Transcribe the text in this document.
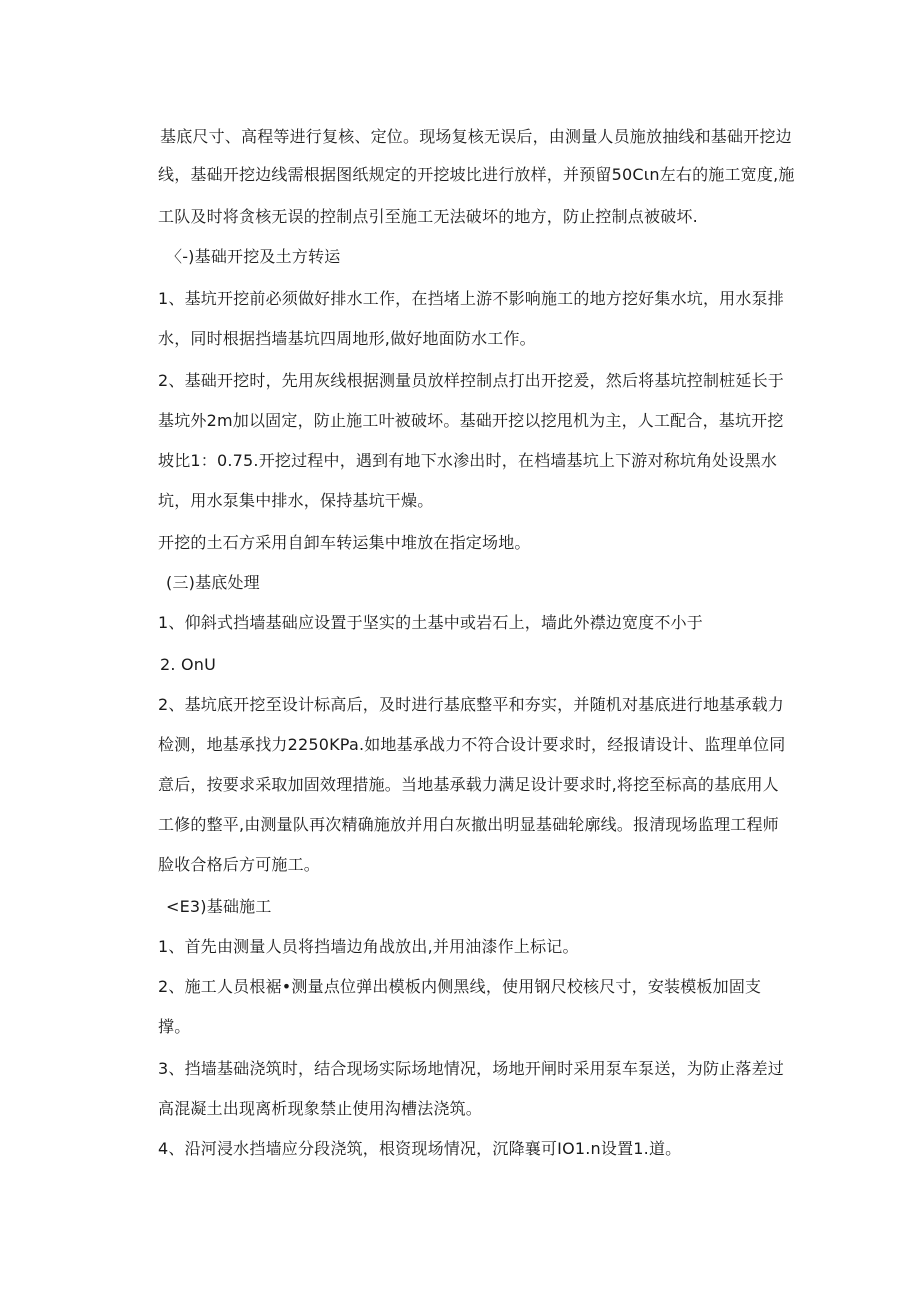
基底尺寸、高程等进行复核、定位。现场复核无误后，由测量人员施放抽线和基础开挖边
线，基础开挖边线需根据图纸规定的开挖坡比进行放样，并预留50Cɩn左右的施工宽度,施
工队及时将贪核无误的控制点引至施工无法破坏的地方，防止控制点被破坏.
〈-)基础开挖及土方转运
1、基坑开挖前必须做好排水工作，在挡堵上游不影响施工的地方挖好集水坑，用水泵排
水，同时根据挡墙基坑四周地形,做好地面防水工作。
2、基础开挖时，先用灰线根据测量员放样控制点打出开挖爰，然后将基坑控制桩延长于
基坑外2m加以固定，防止施工叶被破坏。基础开挖以挖甩机为主，人工配合，基坑开挖
坡比1：0.75.开挖过程中，遇到有地下水渗出时，在档墙基坑上下游对称坑角处设黑水
坑，用水泵集中排水，保持基坑干燥。
开挖的土石方采用自卸车转运集中堆放在指定场地。
(三)基底处理
1、仰斜式挡墙基础应设置于坚实的土基中或岩石上，墙此外襟边宽度不小于
2. OnU
2、基坑底开挖至设计标高后，及时进行基底整平和夯实，并随机对基底进行地基承载力
检测，地基承找力2250KPa.如地基承战力不符合设计要求时，经报请设计、监理单位同
意后，按要求采取加固效理措施。当地基承载力满足设计要求时,将挖至标高的基底用人
工修的整平,由测量队再次精确施放并用白灰撤出明显基础轮廓线。报清现场监理工程师
脸收合格后方可施工。
<E3)基础施工
1、首先由测量人员将挡墙边角战放出,并用油漆作上标记。
2、施工人员根裾•测量点位弹出模板内侧黑线，使用钢尺校核尺寸，安装模板加固支
撑。
3、挡墙基础浇筑时，结合现场实际场地情况，场地开闸时采用泵车泵送，为防止落差过
高混凝土出现离析现象禁止使用沟槽法浇筑。
4、沿河浸水挡墙应分段浇筑，根资现场情况，沉降襄可IO1.n设置1.道。
